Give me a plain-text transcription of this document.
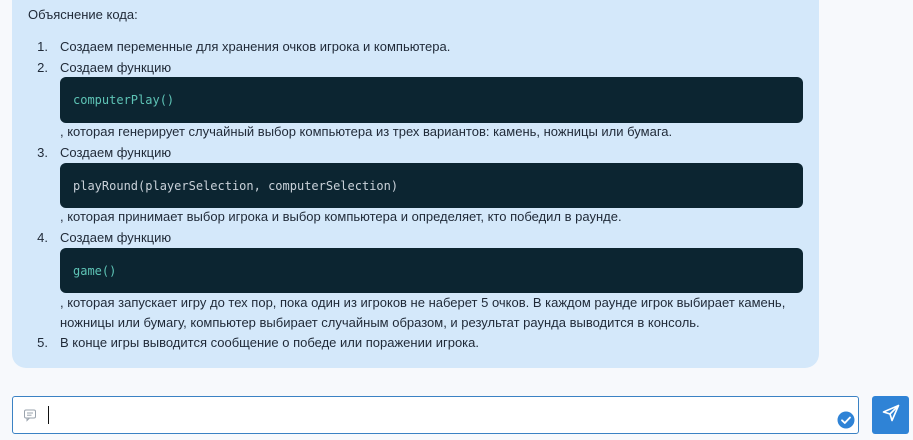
Объяснение кода:
1. Создаем переменные для хранения очков игрока и компьютера.
2. Создаем функцию
computerPlay()
, которая генерирует случайный выбор компьютера из трех вариантов: камень, ножницы или бумага.
3. Создаем функцию
playRound(playerSelection, computerSelection)
, которая принимает выбор игрока и выбор компьютера и определяет, кто победил в раунде.
4. Создаем функцию
game()
, которая запускает игру до тех пор, пока один из игроков не наберет 5 очков. В каждом раунде игрок выбирает камень,
ножницы или бумагу, компьютер выбирает случайным образом, и результат раунда выводится в консоль.
5. В конце игры выводится сообщение о победе или поражении игрока.
